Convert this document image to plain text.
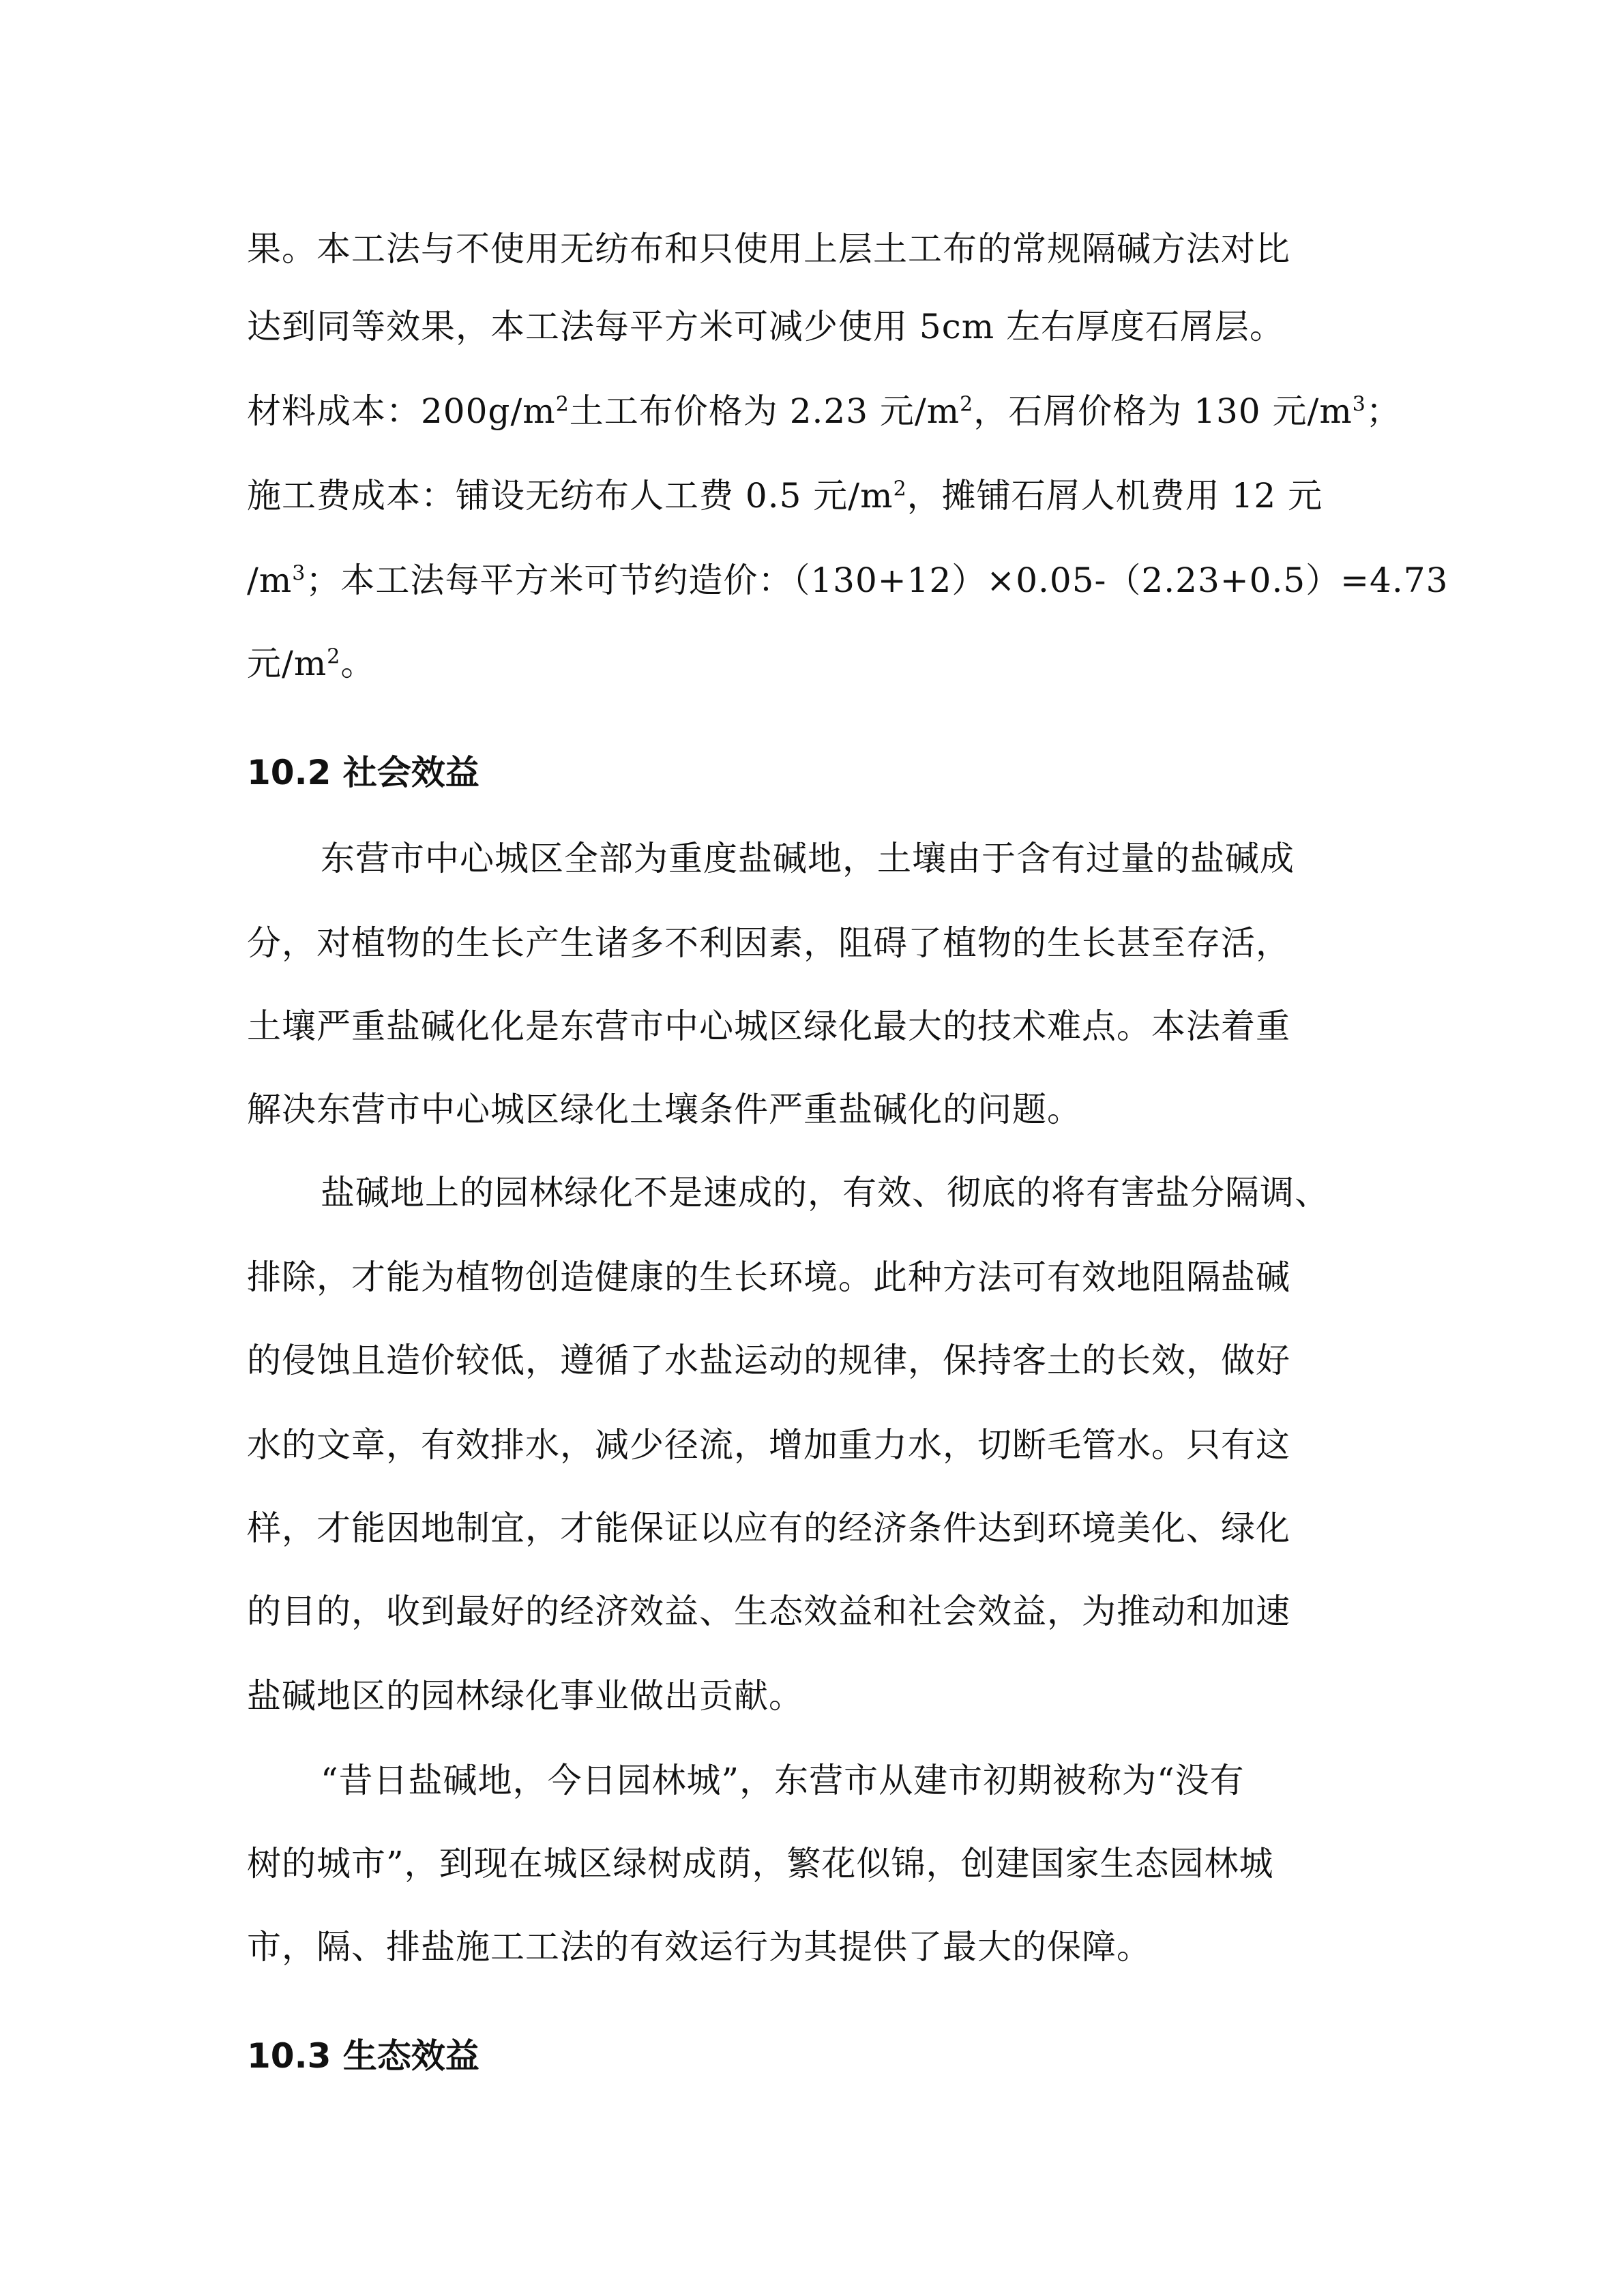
果。本工法与不使用无纺布和只使用上层土工布的常规隔碱方法对比
达到同等效果，本工法每平方米可减少使用 5cm 左右厚度石屑层。
材料成本：$200g/m^2$土工布价格为 2.23 元$/m^2$，石屑价格为 130 元$/m^3$；
施工费成本：铺设无纺布人工费 0.5 元$/m^2$，摊铺石屑人机费用 12 元
$/m^3$；本工法每平方米可节约造价：（130+12）×0.05-（2.23+0.5）=4.73
元$/m^2$。
10.2 社会效益
东营市中心城区全部为重度盐碱地，土壤由于含有过量的盐碱成
分，对植物的生长产生诸多不利因素，阻碍了植物的生长甚至存活，
土壤严重盐碱化化是东营市中心城区绿化最大的技术难点。本法着重
解决东营市中心城区绿化土壤条件严重盐碱化的问题。
盐碱地上的园林绿化不是速成的，有效、彻底的将有害盐分隔调、
排除，才能为植物创造健康的生长环境。此种方法可有效地阻隔盐碱
的侵蚀且造价较低，遵循了水盐运动的规律，保持客土的长效，做好
水的文章，有效排水，减少径流，增加重力水，切断毛管水。只有这
样，才能因地制宜，才能保证以应有的经济条件达到环境美化、绿化
的目的，收到最好的经济效益、生态效益和社会效益，为推动和加速
盐碱地区的园林绿化事业做出贡献。
“昔日盐碱地，今日园林城”，东营市从建市初期被称为“没有
树的城市”，到现在城区绿树成荫，繁花似锦，创建国家生态园林城
市，隔、排盐施工工法的有效运行为其提供了最大的保障。
10.3 生态效益
